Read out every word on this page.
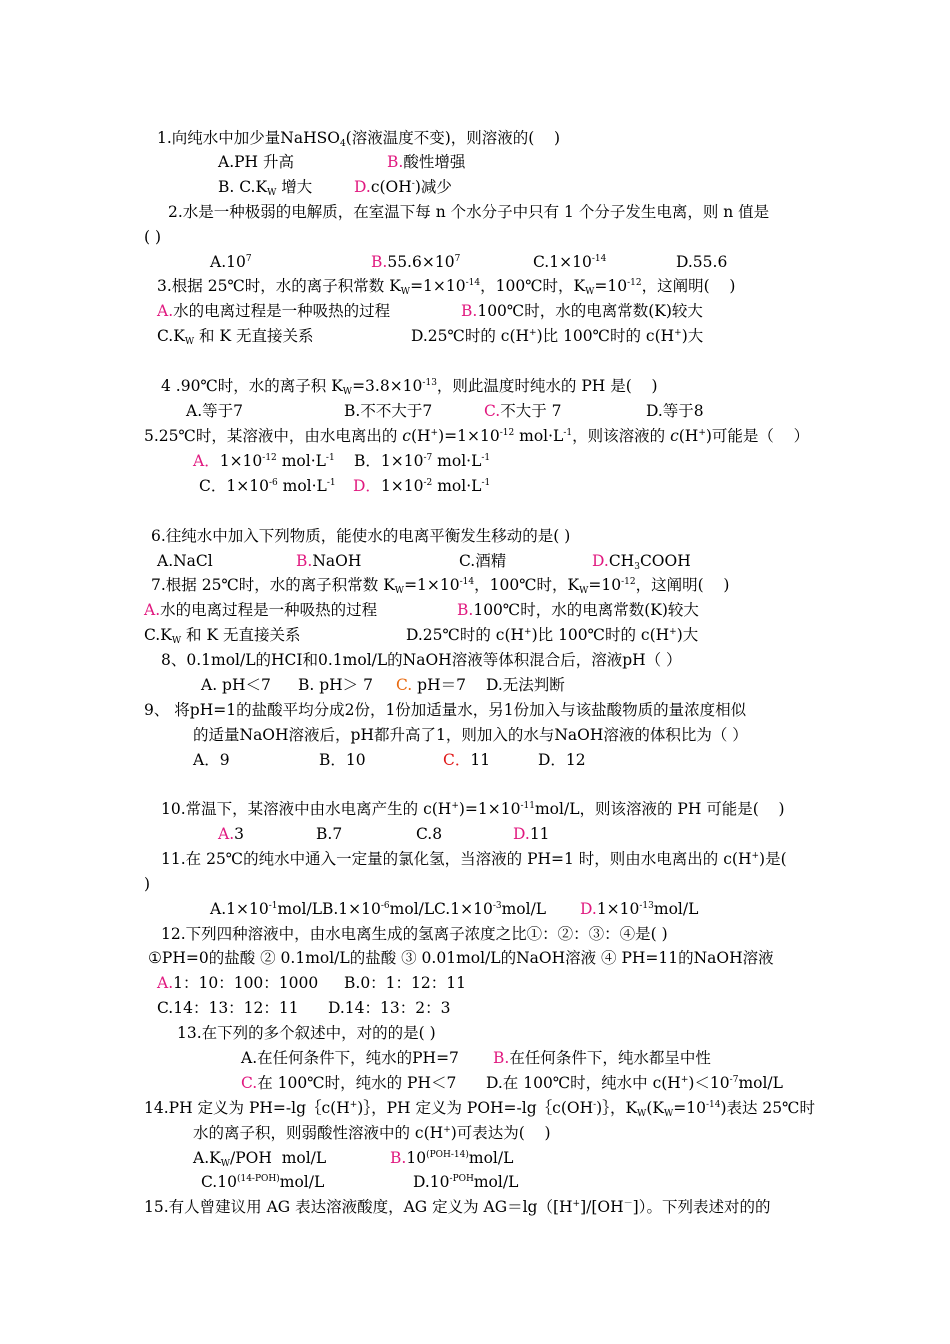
1.向纯水中加少量NaHSO$_4$(溶液温度不变)，则溶液的(    )
A.PH 升高	B.酸性增强
B. $C.K_W$ 增大	D.c(OH-)减少
2.水是一种极弱的电解质，在室温下每 n 个水分子中只有 1 个分子发生电离，则 n 值是
( )
$A.10^7$	$B.55.6\times 10^7$	$C.1\times 10^{-14}$	D.55.6
3.根据 25℃时，水的离子积常数 $K_W=1\times 10^{-14}$，100℃时，$K_W=10^{-12}$，这阐明(    )
A.水的电离过程是一种吸热的过程	B.100℃时，水的电离常数(K)较大
$C.K_W$ 和 K 无直接关系	D.25℃时的 c(H+)比 100℃时的 c(H+)大
4 .90℃时，水的离子积 $K_W=3.8\times 10^{-13}$，则此温度时纯水的 PH 是(    )
A.等于7	B.不不大于7	C.不大于 7	D.等于8
5.25℃时，某溶液中，由水电离出的 $c(H^+)=1\times 10^{-12}$ $mol\cdot L^{-1}$，则该溶液的 c(H+)可能是（    ）
A．$1\times 10^{-12}$ $mol\cdot L^{-1}$ B．$1\times 10^{-7}$ $mol\cdot L^{-1}$
C．$1\times 10^{-6}$ $mol\cdot L^{-1}$ D．$1\times 10^{-2}$ $mol\cdot L^{-1}$
6.往纯水中加入下列物质，能使水的电离平衡发生移动的是( )
A.NaCl	B.NaOH	C.酒精	$D.CH_3COOH$
7.根据 25℃时，水的离子积常数 $K_W=1\times 10^{-14}$，100℃时，$K_W=10^{-12}$，这阐明(    )
A.水的电离过程是一种吸热的过程	B.100℃时，水的电离常数(K)较大
$C.K_W$ 和 K 无直接关系	D.25℃时的 c(H+)比 100℃时的 c(H+)大
8、0.1mol/L的HCI和0.1mol/L的NaOH溶液等体积混合后，溶液pH（ ）
A. pH＜7 B. pH＞ 7 C. pH＝7 D.无法判断
9、 将pH=1的盐酸平均分成2份，1份加适量水，另1份加入与该盐酸物质的量浓度相似
的适量NaOH溶液后，pH都升高了1，则加入的水与NaOH溶液的体积比为（ ）
A．9	B．10	C．11	D．12
10.常温下，某溶液中由水电离产生的 $c(H^+)=1\times 10^{-11}mol/L$，则该溶液的 PH 可能是(    )
A.3	B.7	C.8	D.11
11.在 25℃的纯水中通入一定量的氯化氢，当溶液的 PH=1 时，则由水电离出的 c(H+)是(
)
$A.1\times 10^{-1}mol/LB.1\times 10^{-6}mol/L$ $C.1\times 10^{-3}mol/L$ $D.1\times 10^{-13}mol/L$
12.下列四种溶液中，由水电离生成的氢离子浓度之比①：②：③：④是( )
①PH=0的盐酸 ② 0.1mol/L的盐酸 ③ 0.01mol/L的NaOH溶液 ④ PH=11的NaOH溶液
A.1：10：100：1000 B.0：1：12：11
C.14：13：12：11 D.14：13：2：3
13.在下列的多个叙述中，对的的是( )
A.在任何条件下，纯水的PH=7 B.在任何条件下，纯水都呈中性
C.在 100℃时，纯水的 PH＜7 D.在 100℃时，纯水中 $c(H^+)<10^{-7}mol/L$
14.PH 定义为 PH=-lg｛c(H+)｝，PH 定义为 POH=-lg｛c(OH-)｝，$K_W(K_W=10^{-14})$表达 25℃时
水的离子积，则弱酸性溶液中的 c(H+)可表达为(    )
$A.K_W$/POH  mol/L	$B.10^{(POH-14)}mol/L$
$C.10^{(14-POH)}mol/L$	$D.10^{-POH}mol/L$
15.有人曾建议用 AG 表达溶液酸度，AG 定义为 AG＝lg（[H+]/[OH－]）。下列表述对的的
